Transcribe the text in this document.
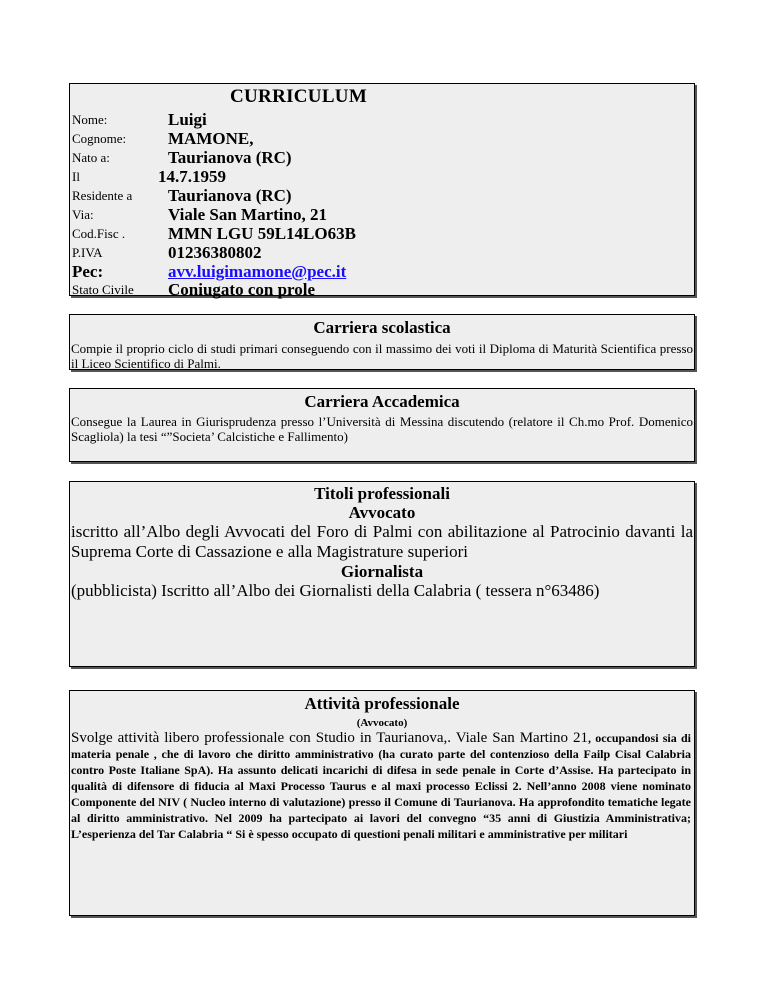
CURRICULUM
Nome:	Luigi
Cognome: MAMONE,
Nato a:	Taurianova (RC)
Il	14.7.1959
Residente a Taurianova (RC)
Via:	Viale San Martino, 21
Cod.Fisc .	MMN LGU 59L14LO63B
P.IVA	01236380802
Pec:	avv.luigimamone@pec.it
Stato Civile Coniugato con prole
Carriera scolastica
Compie il proprio ciclo di studi primari conseguendo con il massimo dei voti il Diploma di Maturità Scientifica presso il Liceo Scientifico di Palmi.
Carriera Accademica
Consegue la Laurea in Giurisprudenza presso l’Università di Messina discutendo (relatore il Ch.mo Prof. Domenico Scagliola) la tesi “”Societa’ Calcistiche e Fallimento)
Titoli professionali
Avvocato
iscritto all’Albo degli Avvocati del Foro di Palmi con abilitazione al Patrocinio davanti la Suprema Corte di Cassazione e alla Magistrature superiori
Giornalista
(pubblicista) Iscritto all’Albo dei Giornalisti della Calabria ( tessera n°63486)
Attività professionale
(Avvocato)
Svolge attività libero professionale con Studio in Taurianova,. Viale San Martino 21, occupandosi sia di materia penale , che di lavoro che diritto amministrativo (ha curato parte del contenzioso della Failp Cisal Calabria contro Poste Italiane SpA). Ha assunto delicati incarichi di difesa in sede penale in Corte d’Assise. Ha partecipato in qualità di difensore di fiducia al Maxi Processo Taurus e al maxi processo Eclissi 2. Nell’anno 2008 viene nominato Componente del NIV ( Nucleo interno di valutazione) presso il Comune di Taurianova. Ha approfondito tematiche legate al diritto amministrativo. Nel 2009 ha partecipato ai lavori del convegno “35 anni di Giustizia Amministrativa; L’esperienza del Tar Calabria “ Si è spesso occupato di questioni penali militari e amministrative per militari
